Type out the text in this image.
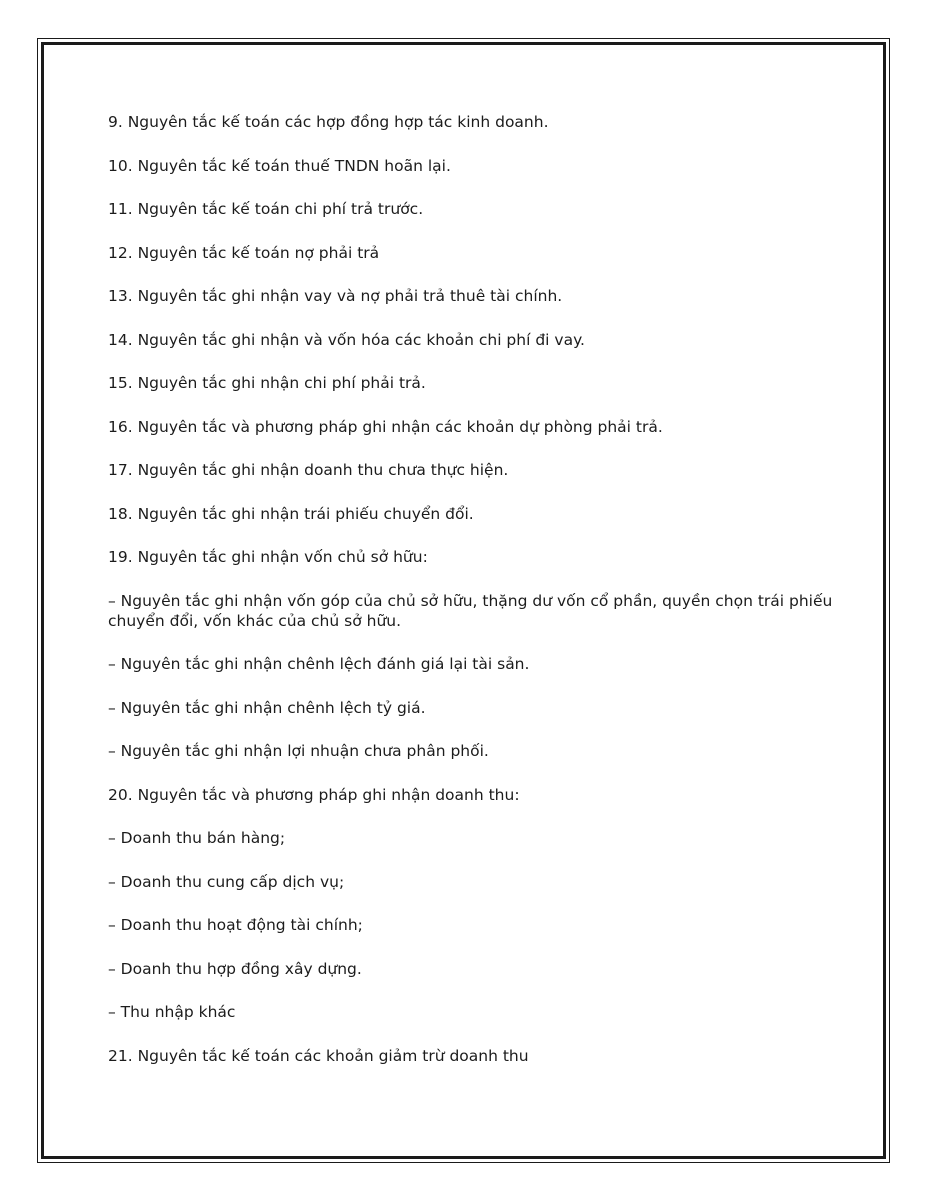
9. Nguyên tắc kế toán các hợp đồng hợp tác kinh doanh.

10. Nguyên tắc kế toán thuế TNDN hoãn lại.

11. Nguyên tắc kế toán chi phí trả trước.

12. Nguyên tắc kế toán nợ phải trả

13. Nguyên tắc ghi nhận vay và nợ phải trả thuê tài chính.

14. Nguyên tắc ghi nhận và vốn hóa các khoản chi phí đi vay.

15. Nguyên tắc ghi nhận chi phí phải trả.

16. Nguyên tắc và phương pháp ghi nhận các khoản dự phòng phải trả.

17. Nguyên tắc ghi nhận doanh thu chưa thực hiện.

18. Nguyên tắc ghi nhận trái phiếu chuyển đổi.

19. Nguyên tắc ghi nhận vốn chủ sở hữu:

– Nguyên tắc ghi nhận vốn góp của chủ sở hữu, thặng dư vốn cổ phần, quyền chọn trái phiếu chuyển đổi, vốn khác của chủ sở hữu.

– Nguyên tắc ghi nhận chênh lệch đánh giá lại tài sản.

– Nguyên tắc ghi nhận chênh lệch tỷ giá.

– Nguyên tắc ghi nhận lợi nhuận chưa phân phối.

20. Nguyên tắc và phương pháp ghi nhận doanh thu:

– Doanh thu bán hàng;

– Doanh thu cung cấp dịch vụ;

– Doanh thu hoạt động tài chính;

– Doanh thu hợp đồng xây dựng.

– Thu nhập khác

21. Nguyên tắc kế toán các khoản giảm trừ doanh thu
